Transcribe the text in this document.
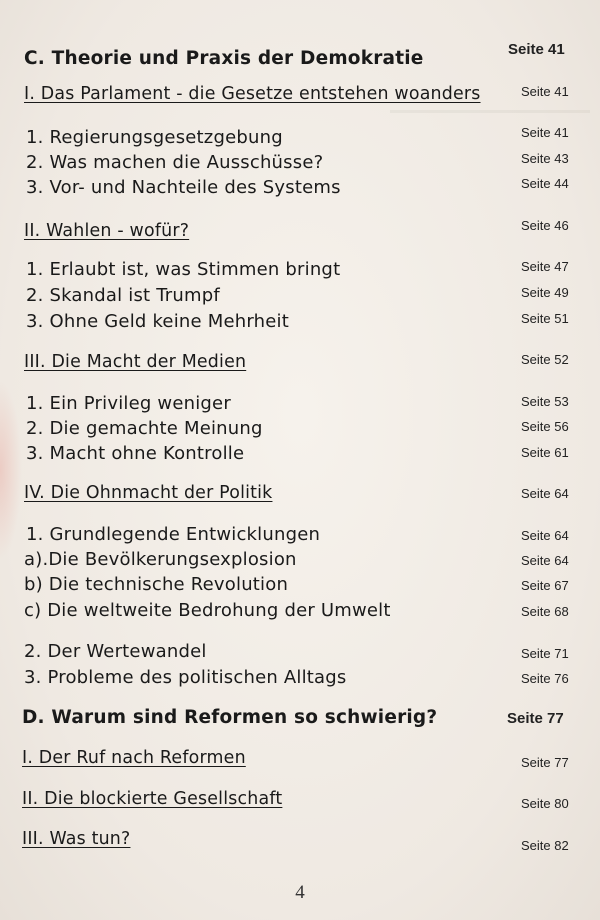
C. Theorie und Praxis der Demokratie	Seite 41
I. Das Parlament - die Gesetze entstehen woanders	Seite 41
1. Regierungsgesetzgebung	Seite 41
2. Was machen die Ausschüsse?	Seite 43
3. Vor- und Nachteile des Systems	Seite 44
II. Wahlen - wofür?	Seite 46
1. Erlaubt ist, was Stimmen bringt	Seite 47
2. Skandal ist Trumpf	Seite 49
3. Ohne Geld keine Mehrheit	Seite 51
III. Die Macht der Medien	Seite 52
1. Ein Privileg weniger	Seite 53
2. Die gemachte Meinung	Seite 56
3. Macht ohne Kontrolle	Seite 61
IV. Die Ohnmacht der Politik	Seite 64
1. Grundlegende Entwicklungen	Seite 64
a).Die Bevölkerungsexplosion	Seite 64
b) Die technische Revolution	Seite 67
c) Die weltweite Bedrohung der Umwelt	Seite 68
2. Der Wertewandel	Seite 71
3. Probleme des politischen Alltags	Seite 76
D. Warum sind Reformen so schwierig?	Seite 77
I. Der Ruf nach Reformen	Seite 77
II. Die blockierte Gesellschaft	Seite 80
III. Was tun?	Seite 82
4
